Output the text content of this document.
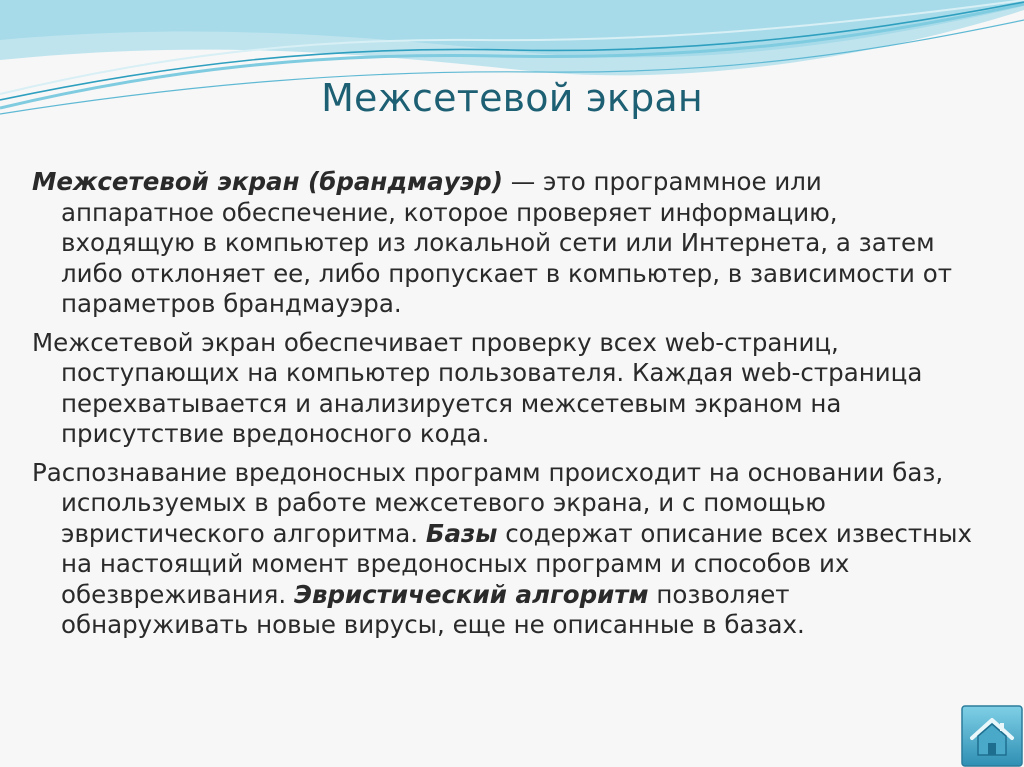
Межсетевой экран

Межсетевой экран (брандмауэр) — это программное или аппаратное обеспечение, которое проверяет информацию, входящую в компьютер из локальной сети или Интернета, а затем либо отклоняет ее, либо пропускает в компьютер, в зависимости от параметров брандмауэра.

Межсетевой экран обеспечивает проверку всех web-страниц, поступающих на компьютер пользователя. Каждая web-страница перехватывается и анализируется межсетевым экраном на присутствие вредоносного кода.

Распознавание вредоносных программ происходит на основании баз, используемых в работе межсетевого экрана, и с помощью эвристического алгоритма. Базы содержат описание всех известных на настоящий момент вредоносных программ и способов их обезвреживания. Эвристический алгоритм позволяет обнаруживать новые вирусы, еще не описанные в базах.
